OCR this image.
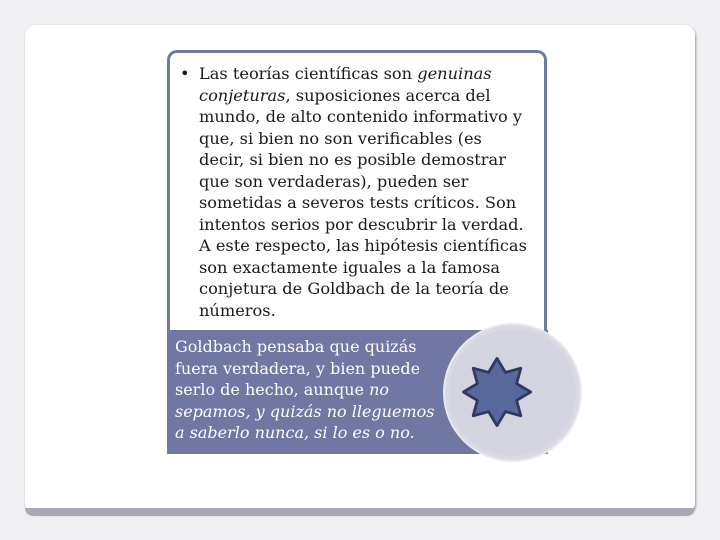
• Las teorías científicas son genuinas conjeturas, suposiciones acerca del mundo, de alto contenido informativo y que, si bien no son verificables (es decir, si bien no es posible demostrar que son verdaderas), pueden ser sometidas a severos tests críticos. Son intentos serios por descubrir la verdad. A este respecto, las hipótesis científicas son exactamente iguales a la famosa conjetura de Goldbach de la teoría de números.
Goldbach pensaba que quizás fuera verdadera, y bien puede serlo de hecho, aunque no sepamos, y quizás no lleguemos a saberlo nunca, si lo es o no.
